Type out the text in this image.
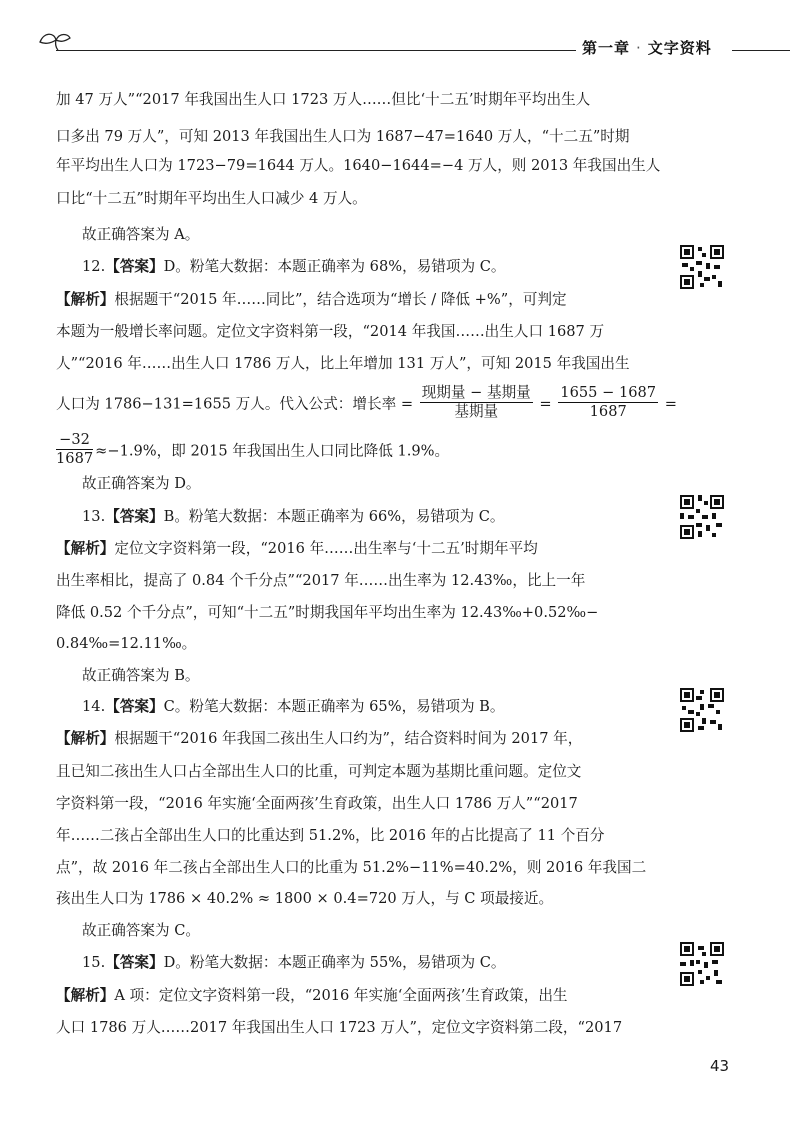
第一章 · 文字资料
加 47 万人”“2017 年我国出生人口 1723 万人……但比‘十二五’时期年平均出生人
口多出 79 万人”，可知 2013 年我国出生人口为 1687−47=1640 万人，“十二五”时期
年平均出生人口为 1723−79=1644 万人。1640−1644=−4 万人，则 2013 年我国出生人
口比“十二五”时期年平均出生人口减少 4 万人。
故正确答案为 A。
12.【答案】D。粉笔大数据：本题正确率为 68%，易错项为 C。
【解析】根据题干“2015 年……同比”，结合选项为“增长 / 降低 +%”，可判定
本题为一般增长率问题。定位文字资料第一段，“2014 年我国……出生人口 1687 万
人”“2016 年……出生人口 1786 万人，比上年增加 131 万人”，可知 2015 年我国出生
人口为 1786−131=1655 万人。代入公式：增长率 = $\frac{\text{现期量 − 基期量}}{\text{基期量}} = \frac{1655 - 1687}{1687}$ =
$\frac{-32}{1687} \approx-1.9\%$，即 2015 年我国出生人口同比降低 1.9%。
故正确答案为 D。
13.【答案】B。粉笔大数据：本题正确率为 66%，易错项为 C。
【解析】定位文字资料第一段，“2016 年……出生率与‘十二五’时期年平均
出生率相比，提高了 0.84 个千分点”“2017 年……出生率为 12.43‰，比上一年
降低 0.52 个千分点”，可知“十二五”时期我国年平均出生率为 12.43‰+0.52‰−
0.84‰=12.11‰。
故正确答案为 B。
14.【答案】C。粉笔大数据：本题正确率为 65%，易错项为 B。
【解析】根据题干“2016 年我国二孩出生人口约为”，结合资料时间为 2017 年，
且已知二孩出生人口占全部出生人口的比重，可判定本题为基期比重问题。定位文
字资料第一段，“2016 年实施‘全面两孩’生育政策，出生人口 1786 万人”“2017
年……二孩占全部出生人口的比重达到 51.2%，比 2016 年的占比提高了 11 个百分
点”，故 2016 年二孩占全部出生人口的比重为 51.2%−11%=40.2%，则 2016 年我国二
孩出生人口为 1786 × 40.2% ≈ 1800 × 0.4=720 万人，与 C 项最接近。
故正确答案为 C。
15.【答案】D。粉笔大数据：本题正确率为 55%，易错项为 C。
【解析】A 项：定位文字资料第一段，“2016 年实施‘全面两孩’生育政策，出生
人口 1786 万人……2017 年我国出生人口 1723 万人”，定位文字资料第二段，“2017
43
